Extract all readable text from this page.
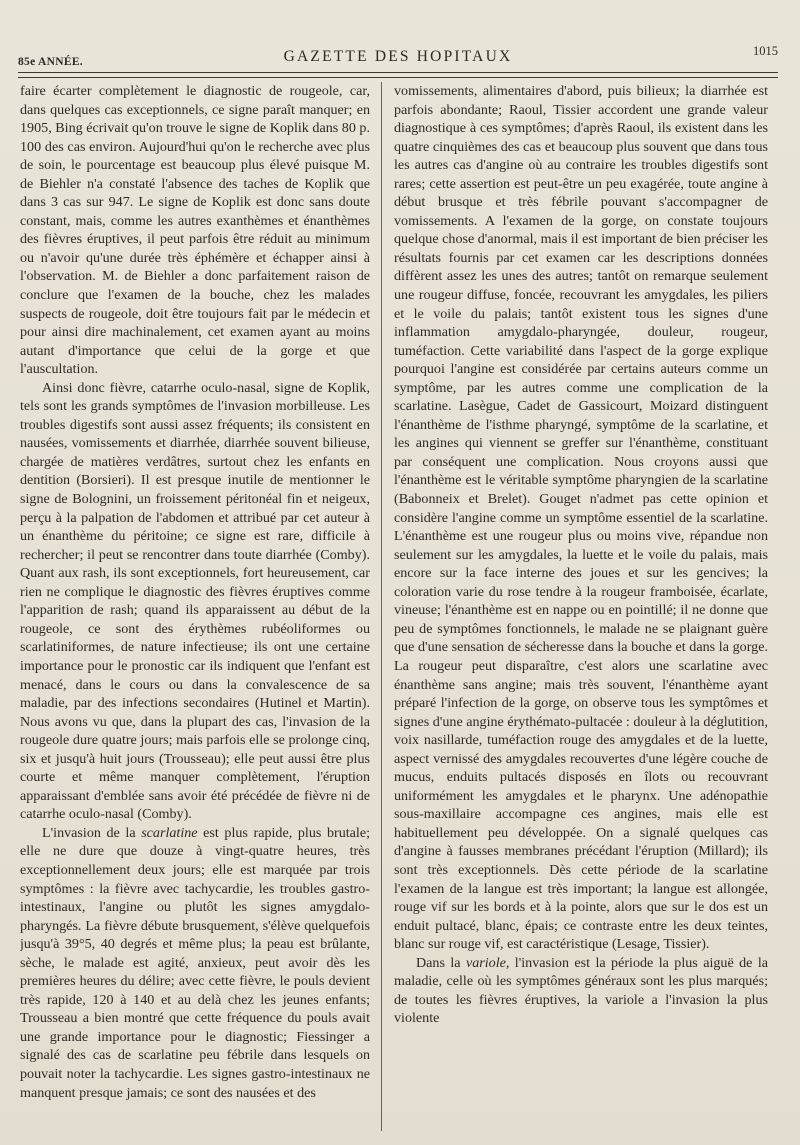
85e ANNÉE.	GAZETTE DES HOPITAUX	1015

faire écarter complètement le diagnostic de rougeole, car, dans quelques cas exceptionnels, ce signe paraît manquer; en 1905, Bing écrivait qu'on trouve le signe de Koplik dans 80 p. 100 des cas environ. Aujourd'hui qu'on le recherche avec plus de soin, le pourcentage est beaucoup plus élevé puisque M. de Biehler n'a constaté l'absence des taches de Koplik que dans 3 cas sur 947. Le signe de Koplik est donc sans doute constant, mais, comme les autres exanthèmes et énanthèmes des fièvres éruptives, il peut parfois être réduit au minimum ou n'avoir qu'une durée très éphémère et échapper ainsi à l'observation. M. de Biehler a donc parfaitement raison de conclure que l'examen de la bouche, chez les malades suspects de rougeole, doit être toujours fait par le médecin et pour ainsi dire machinalement, cet examen ayant au moins autant d'importance que celui de la gorge et que l'auscultation.

Ainsi donc fièvre, catarrhe oculo-nasal, signe de Koplik, tels sont les grands symptômes de l'invasion morbilleuse. Les troubles digestifs sont aussi assez fréquents; ils consistent en nausées, vomissements et diarrhée, diarrhée souvent bilieuse, chargée de matières verdâtres, surtout chez les enfants en dentition (Borsieri). Il est presque inutile de mentionner le signe de Bolognini, un froissement péritonéal fin et neigeux, perçu à la palpation de l'abdomen et attribué par cet auteur à un énanthème du péritoine; ce signe est rare, difficile à rechercher; il peut se rencontrer dans toute diarrhée (Comby). Quant aux rash, ils sont exceptionnels, fort heureusement, car rien ne complique le diagnostic des fièvres éruptives comme l'apparition de rash; quand ils apparaissent au début de la rougeole, ce sont des érythèmes rubéoliformes ou scarlatiniformes, de nature infectieuse; ils ont une certaine importance pour le pronostic car ils indiquent que l'enfant est menacé, dans le cours ou dans la convalescence de sa maladie, par des infections secondaires (Hutinel et Martin). Nous avons vu que, dans la plupart des cas, l'invasion de la rougeole dure quatre jours; mais parfois elle se prolonge cinq, six et jusqu'à huit jours (Trousseau); elle peut aussi être plus courte et même manquer complètement, l'éruption apparaissant d'emblée sans avoir été précédée de fièvre ni de catarrhe oculo-nasal (Comby).

L'invasion de la scarlatine est plus rapide, plus brutale; elle ne dure que douze à vingt-quatre heures, très exceptionnellement deux jours; elle est marquée par trois symptômes : la fièvre avec tachycardie, les troubles gastro-intestinaux, l'angine ou plutôt les signes amygdalo-pharyngés. La fièvre débute brusquement, s'élève quelquefois jusqu'à 39°5, 40 degrés et même plus; la peau est brûlante, sèche, le malade est agité, anxieux, peut avoir dès les premières heures du délire; avec cette fièvre, le pouls devient très rapide, 120 à 140 et au delà chez les jeunes enfants; Trousseau a bien montré que cette fréquence du pouls avait une grande importance pour le diagnostic; Fiessinger a signalé des cas de scarlatine peu fébrile dans lesquels on pouvait noter la tachycardie. Les signes gastro-intestinaux ne manquent presque jamais; ce sont des nausées et des

vomissements, alimentaires d'abord, puis bilieux; la diarrhée est parfois abondante; Raoul, Tissier accordent une grande valeur diagnostique à ces symptômes; d'après Raoul, ils existent dans les quatre cinquièmes des cas et beaucoup plus souvent que dans tous les autres cas d'angine où au contraire les troubles digestifs sont rares; cette assertion est peut-être un peu exagérée, toute angine à début brusque et très fébrile pouvant s'accompagner de vomissements. A l'examen de la gorge, on constate toujours quelque chose d'anormal, mais il est important de bien préciser les résultats fournis par cet examen car les descriptions données diffèrent assez les unes des autres; tantôt on remarque seulement une rougeur diffuse, foncée, recouvrant les amygdales, les piliers et le voile du palais; tantôt existent tous les signes d'une inflammation amygdalo-pharyngée, douleur, rougeur, tuméfaction. Cette variabilité dans l'aspect de la gorge explique pourquoi l'angine est considérée par certains auteurs comme un symptôme, par les autres comme une complication de la scarlatine. Lasègue, Cadet de Gassicourt, Moizard distinguent l'énanthème de l'isthme pharyngé, symptôme de la scarlatine, et les angines qui viennent se greffer sur l'énanthème, constituant par conséquent une complication. Nous croyons aussi que l'énanthème est le véritable symptôme pharyngien de la scarlatine (Babonneix et Brelet). Gouget n'admet pas cette opinion et considère l'angine comme un symptôme essentiel de la scarlatine. L'énanthème est une rougeur plus ou moins vive, répandue non seulement sur les amygdales, la luette et le voile du palais, mais encore sur la face interne des joues et sur les gencives; la coloration varie du rose tendre à la rougeur framboisée, écarlate, vineuse; l'énanthème est en nappe ou en pointillé; il ne donne que peu de symptômes fonctionnels, le malade ne se plaignant guère que d'une sensation de sécheresse dans la bouche et dans la gorge. La rougeur peut disparaître, c'est alors une scarlatine avec énanthème sans angine; mais très souvent, l'énanthème ayant préparé l'infection de la gorge, on observe tous les symptômes et signes d'une angine érythémato-pultacée : douleur à la déglutition, voix nasillarde, tuméfaction rouge des amygdales et de la luette, aspect vernissé des amygdales recouvertes d'une légère couche de mucus, enduits pultacés disposés en îlots ou recouvrant uniformément les amygdales et le pharynx. Une adénopathie sous-maxillaire accompagne ces angines, mais elle est habituellement peu développée. On a signalé quelques cas d'angine à fausses membranes précédant l'éruption (Millard); ils sont très exceptionnels. Dès cette période de la scarlatine l'examen de la langue est très important; la langue est allongée, rouge vif sur les bords et à la pointe, alors que sur le dos est un enduit pultacé, blanc, épais; ce contraste entre les deux teintes, blanc sur rouge vif, est caractéristique (Lesage, Tissier).

Dans la variole, l'invasion est la période la plus aiguë de la maladie, celle où les symptômes généraux sont les plus marqués; de toutes les fièvres éruptives, la variole a l'invasion la plus violente
